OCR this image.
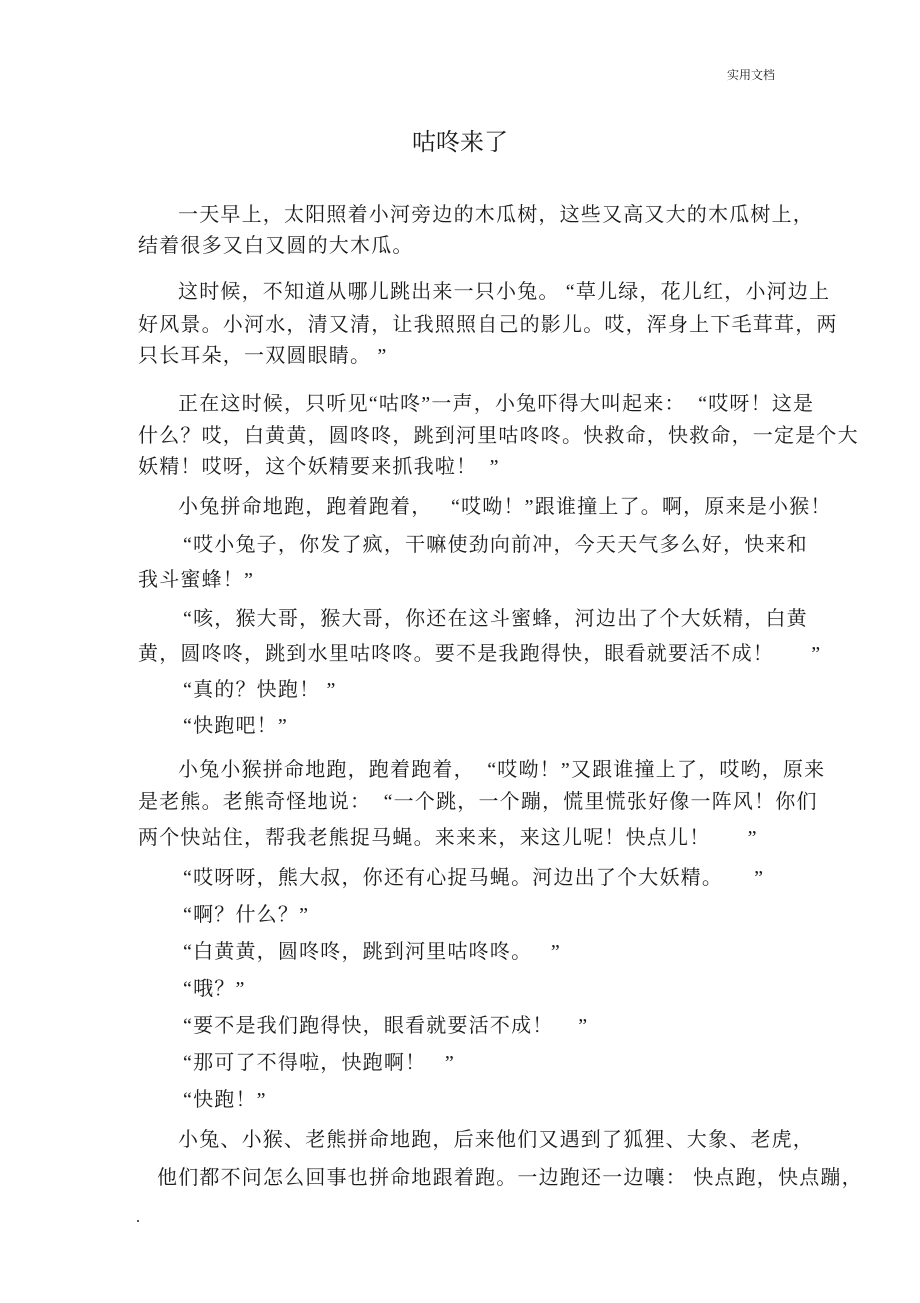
实用文档
咕咚来了
一天早上，太阳照着小河旁边的木瓜树，这些又高又大的木瓜树上，
结着很多又白又圆的大木瓜。
这时候，不知道从哪儿跳出来一只小兔。 “草儿绿，花儿红，小河边上
好风景。小河水，清又清，让我照照自己的影儿。哎，浑身上下毛茸茸，两
只长耳朵，一双圆眼睛。 ”
正在这时候，只听见“咕咚”一声，小兔吓得大叫起来：  “哎呀！这是
什么？哎，白黄黄，圆咚咚，跳到河里咕咚咚。快救命，快救命，一定是个大
妖精！哎呀，这个妖精要来抓我啦！  ”
小兔拼命地跑，跑着跑着，   “哎呦！”跟谁撞上了。啊，原来是小猴！
“哎小兔子，你发了疯，干嘛使劲向前冲，今天天气多么好，快来和
我斗蜜蜂！”
“咳，猴大哥，猴大哥，你还在这斗蜜蜂，河边出了个大妖精，白黄
黄，圆咚咚，跳到水里咕咚咚。要不是我跑得快，眼看就要活不成！      ”
“真的？快跑！ ”
“快跑吧！”
小兔小猴拼命地跑，跑着跑着，  “哎呦！”又跟谁撞上了，哎哟，原来
是老熊。老熊奇怪地说：  “一个跳，一个蹦，慌里慌张好像一阵风！你们
两个快站住，帮我老熊捉马蝇。来来来，来这儿呢！快点儿！      ”
“哎呀呀，熊大叔，你还有心捉马蝇。河边出了个大妖精。     ”
“啊？什么？”
“白黄黄，圆咚咚，跳到河里咕咚咚。   ”
“哦？”
“要不是我们跑得快，眼看就要活不成！    ”
“那可了不得啦，快跑啊！   ”
“快跑！”
小兔、小猴、老熊拼命地跑，后来他们又遇到了狐狸、大象、老虎，
他们都不问怎么回事也拼命地跟着跑。一边跑还一边嚷： 快点跑，快点蹦，
